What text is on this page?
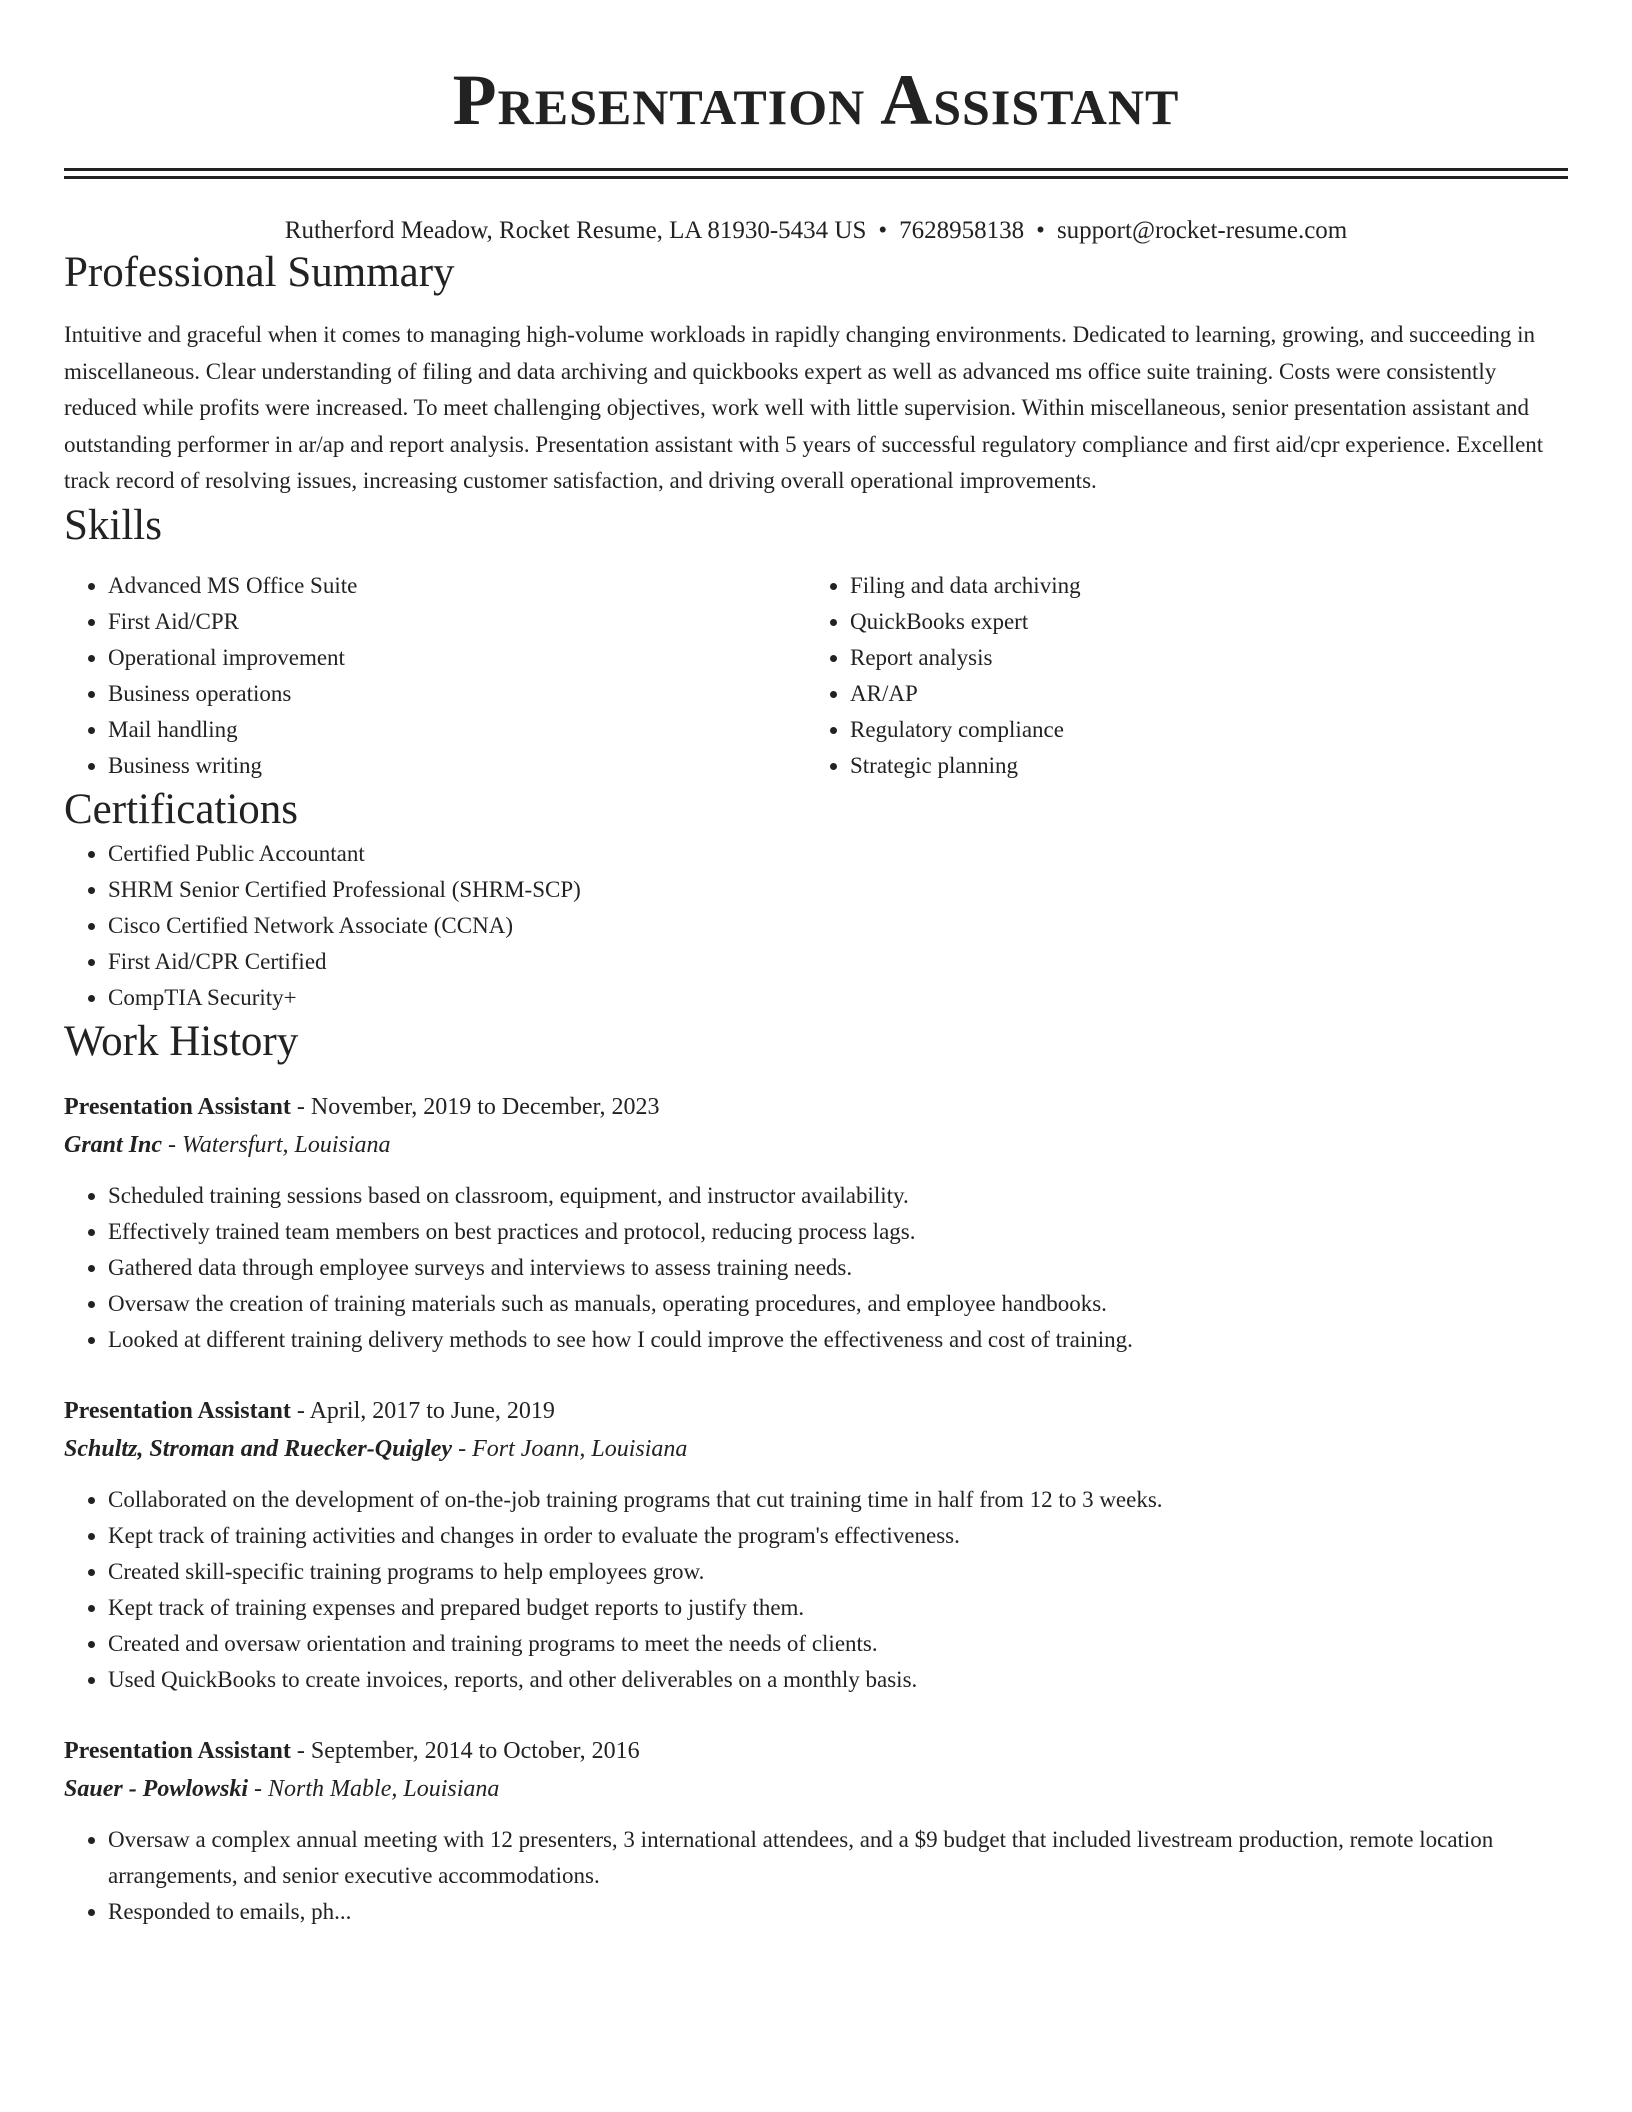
Presentation Assistant
Rutherford Meadow, Rocket Resume, LA 81930-5434 US • 7628958138 • support@rocket-resume.com
Professional Summary

Intuitive and graceful when it comes to managing high-volume workloads in rapidly changing environments. Dedicated to learning, growing, and succeeding in miscellaneous. Clear understanding of filing and data archiving and quickbooks expert as well as advanced ms office suite training. Costs were consistently reduced while profits were increased. To meet challenging objectives, work well with little supervision. Within miscellaneous, senior presentation assistant and outstanding performer in ar/ap and report analysis. Presentation assistant with 5 years of successful regulatory compliance and first aid/cpr experience. Excellent track record of resolving issues, increasing customer satisfaction, and driving overall operational improvements.

Skills
• Advanced MS Office Suite
• First Aid/CPR
• Operational improvement
• Business operations
• Mail handling
• Business writing
• Filing and data archiving
• QuickBooks expert
• Report analysis
• AR/AP
• Regulatory compliance
• Strategic planning
Certifications
• Certified Public Accountant
• SHRM Senior Certified Professional (SHRM-SCP)
• Cisco Certified Network Associate (CCNA)
• First Aid/CPR Certified
• CompTIA Security+
Work History
Presentation Assistant - November, 2019 to December, 2023
Grant Inc - Watersfurt, Louisiana
• Scheduled training sessions based on classroom, equipment, and instructor availability.
• Effectively trained team members on best practices and protocol, reducing process lags.
• Gathered data through employee surveys and interviews to assess training needs.
• Oversaw the creation of training materials such as manuals, operating procedures, and employee handbooks.
• Looked at different training delivery methods to see how I could improve the effectiveness and cost of training.
Presentation Assistant - April, 2017 to June, 2019
Schultz, Stroman and Ruecker-Quigley - Fort Joann, Louisiana
• Collaborated on the development of on-the-job training programs that cut training time in half from 12 to 3 weeks.
• Kept track of training activities and changes in order to evaluate the program's effectiveness.
• Created skill-specific training programs to help employees grow.
• Kept track of training expenses and prepared budget reports to justify them.
• Created and oversaw orientation and training programs to meet the needs of clients.
• Used QuickBooks to create invoices, reports, and other deliverables on a monthly basis.
Presentation Assistant - September, 2014 to October, 2016
Sauer - Powlowski - North Mable, Louisiana
• Oversaw a complex annual meeting with 12 presenters, 3 international attendees, and a $9 budget that included livestream production, remote location arrangements, and senior executive accommodations.
• Responded to emails, ph...
